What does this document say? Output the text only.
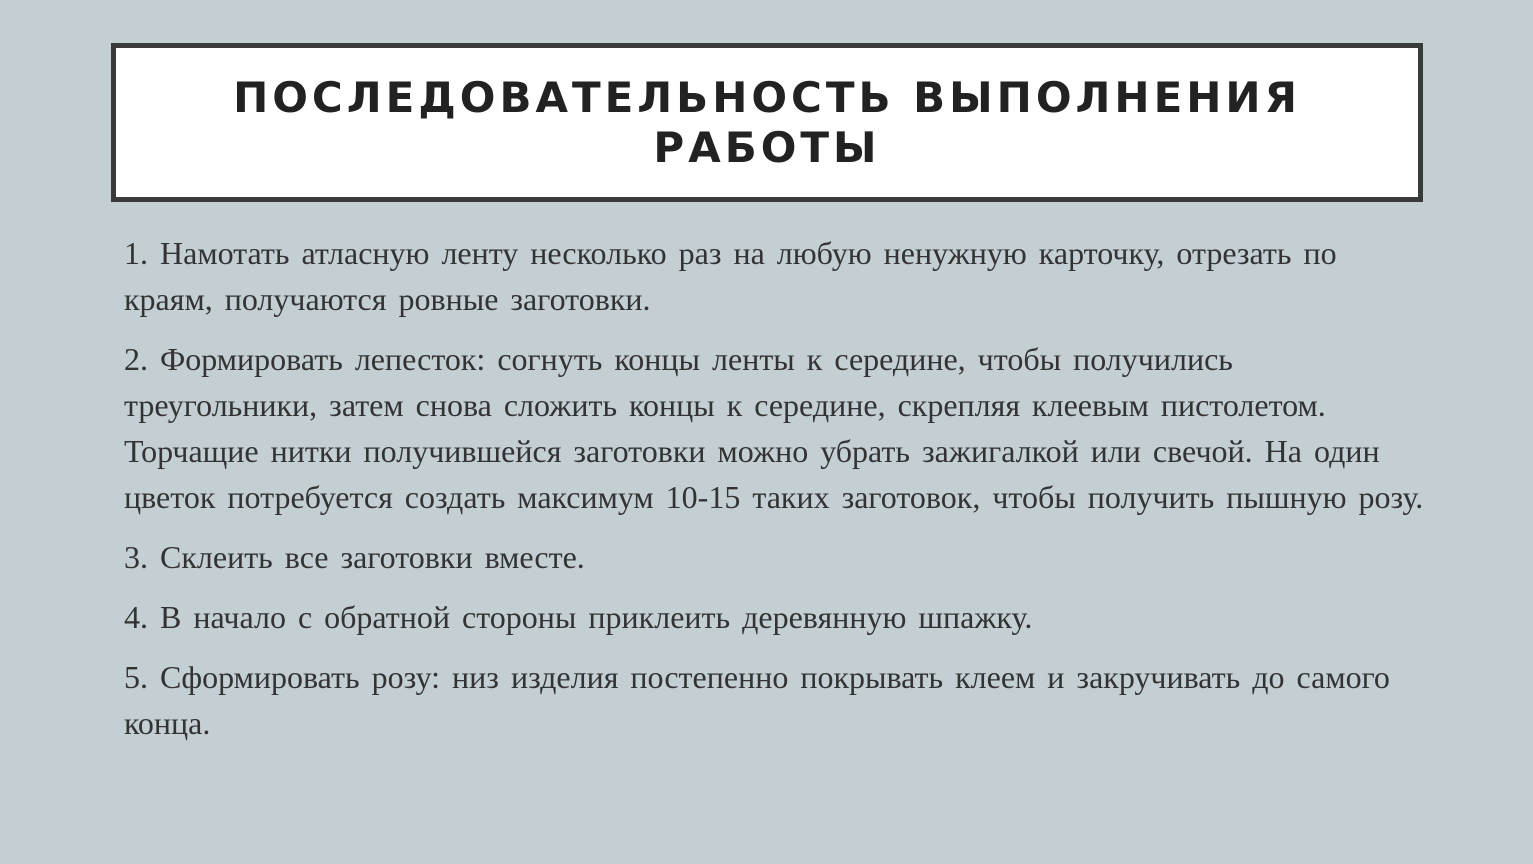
ПОСЛЕДОВАТЕЛЬНОСТЬ ВЫПОЛНЕНИЯ РАБОТЫ

1. Намотать атласную ленту несколько раз на любую ненужную карточку, отрезать по краям, получаются ровные заготовки.

2. Формировать лепесток: согнуть концы ленты к середине, чтобы получились треугольники, затем снова сложить концы к середине, скрепляя клеевым пистолетом. Торчащие нитки получившейся заготовки можно убрать зажигалкой или свечой. На один цветок потребуется создать максимум 10-15 таких заготовок, чтобы получить пышную розу.

3. Склеить все заготовки вместе.

4. В начало с обратной стороны приклеить деревянную шпажку.

5. Сформировать розу: низ изделия постепенно покрывать клеем и закручивать до самого конца.
